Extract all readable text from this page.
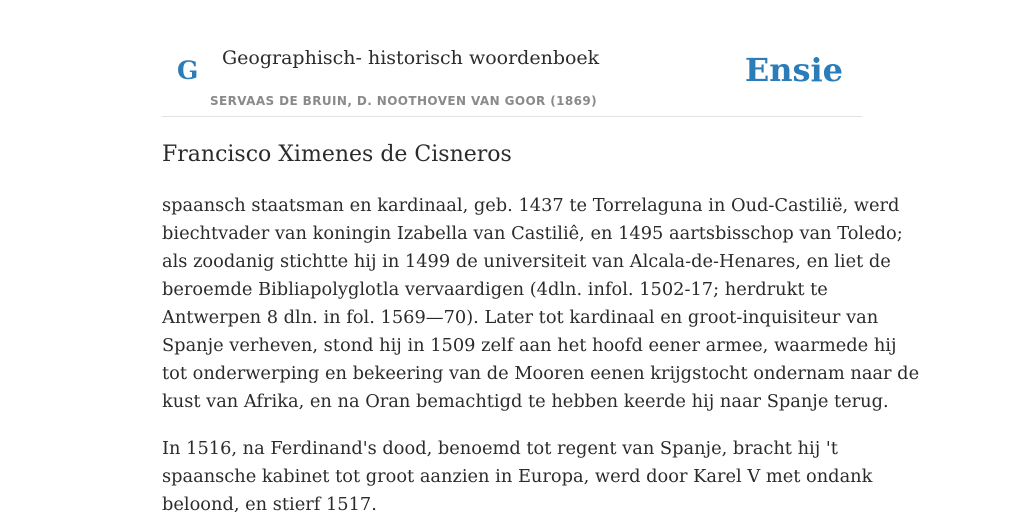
G Geographisch- historisch woordenboek
SERVAAS DE BRUIN, D. NOOTHOVEN VAN GOOR (1869)
Ensie
Francisco Ximenes de Cisneros

spaansch staatsman en kardinaal, geb. 1437 te Torrelaguna in Oud-Castilië, werd
biechtvader van koningin Izabella van Castiliê, en 1495 aartsbisschop van Toledo;
als zoodanig stichtte hij in 1499 de universiteit van Alcala-de-Henares, en liet de
beroemde Bibliapolyglotla vervaardigen (4dln. infol. 1502-17; herdrukt te
Antwerpen 8 dln. in fol. 1569—70). Later tot kardinaal en groot-inquisiteur van
Spanje verheven, stond hij in 1509 zelf aan het hoofd eener armee, waarmede hij
tot onderwerping en bekeering van de Mooren eenen krijgstocht ondernam naar de
kust van Afrika, en na Oran bemachtigd te hebben keerde hij naar Spanje terug.

In 1516, na Ferdinand's dood, benoemd tot regent van Spanje, bracht hij 't
spaansche kabinet tot groot aanzien in Europa, werd door Karel V met ondank
beloond, en stierf 1517.
